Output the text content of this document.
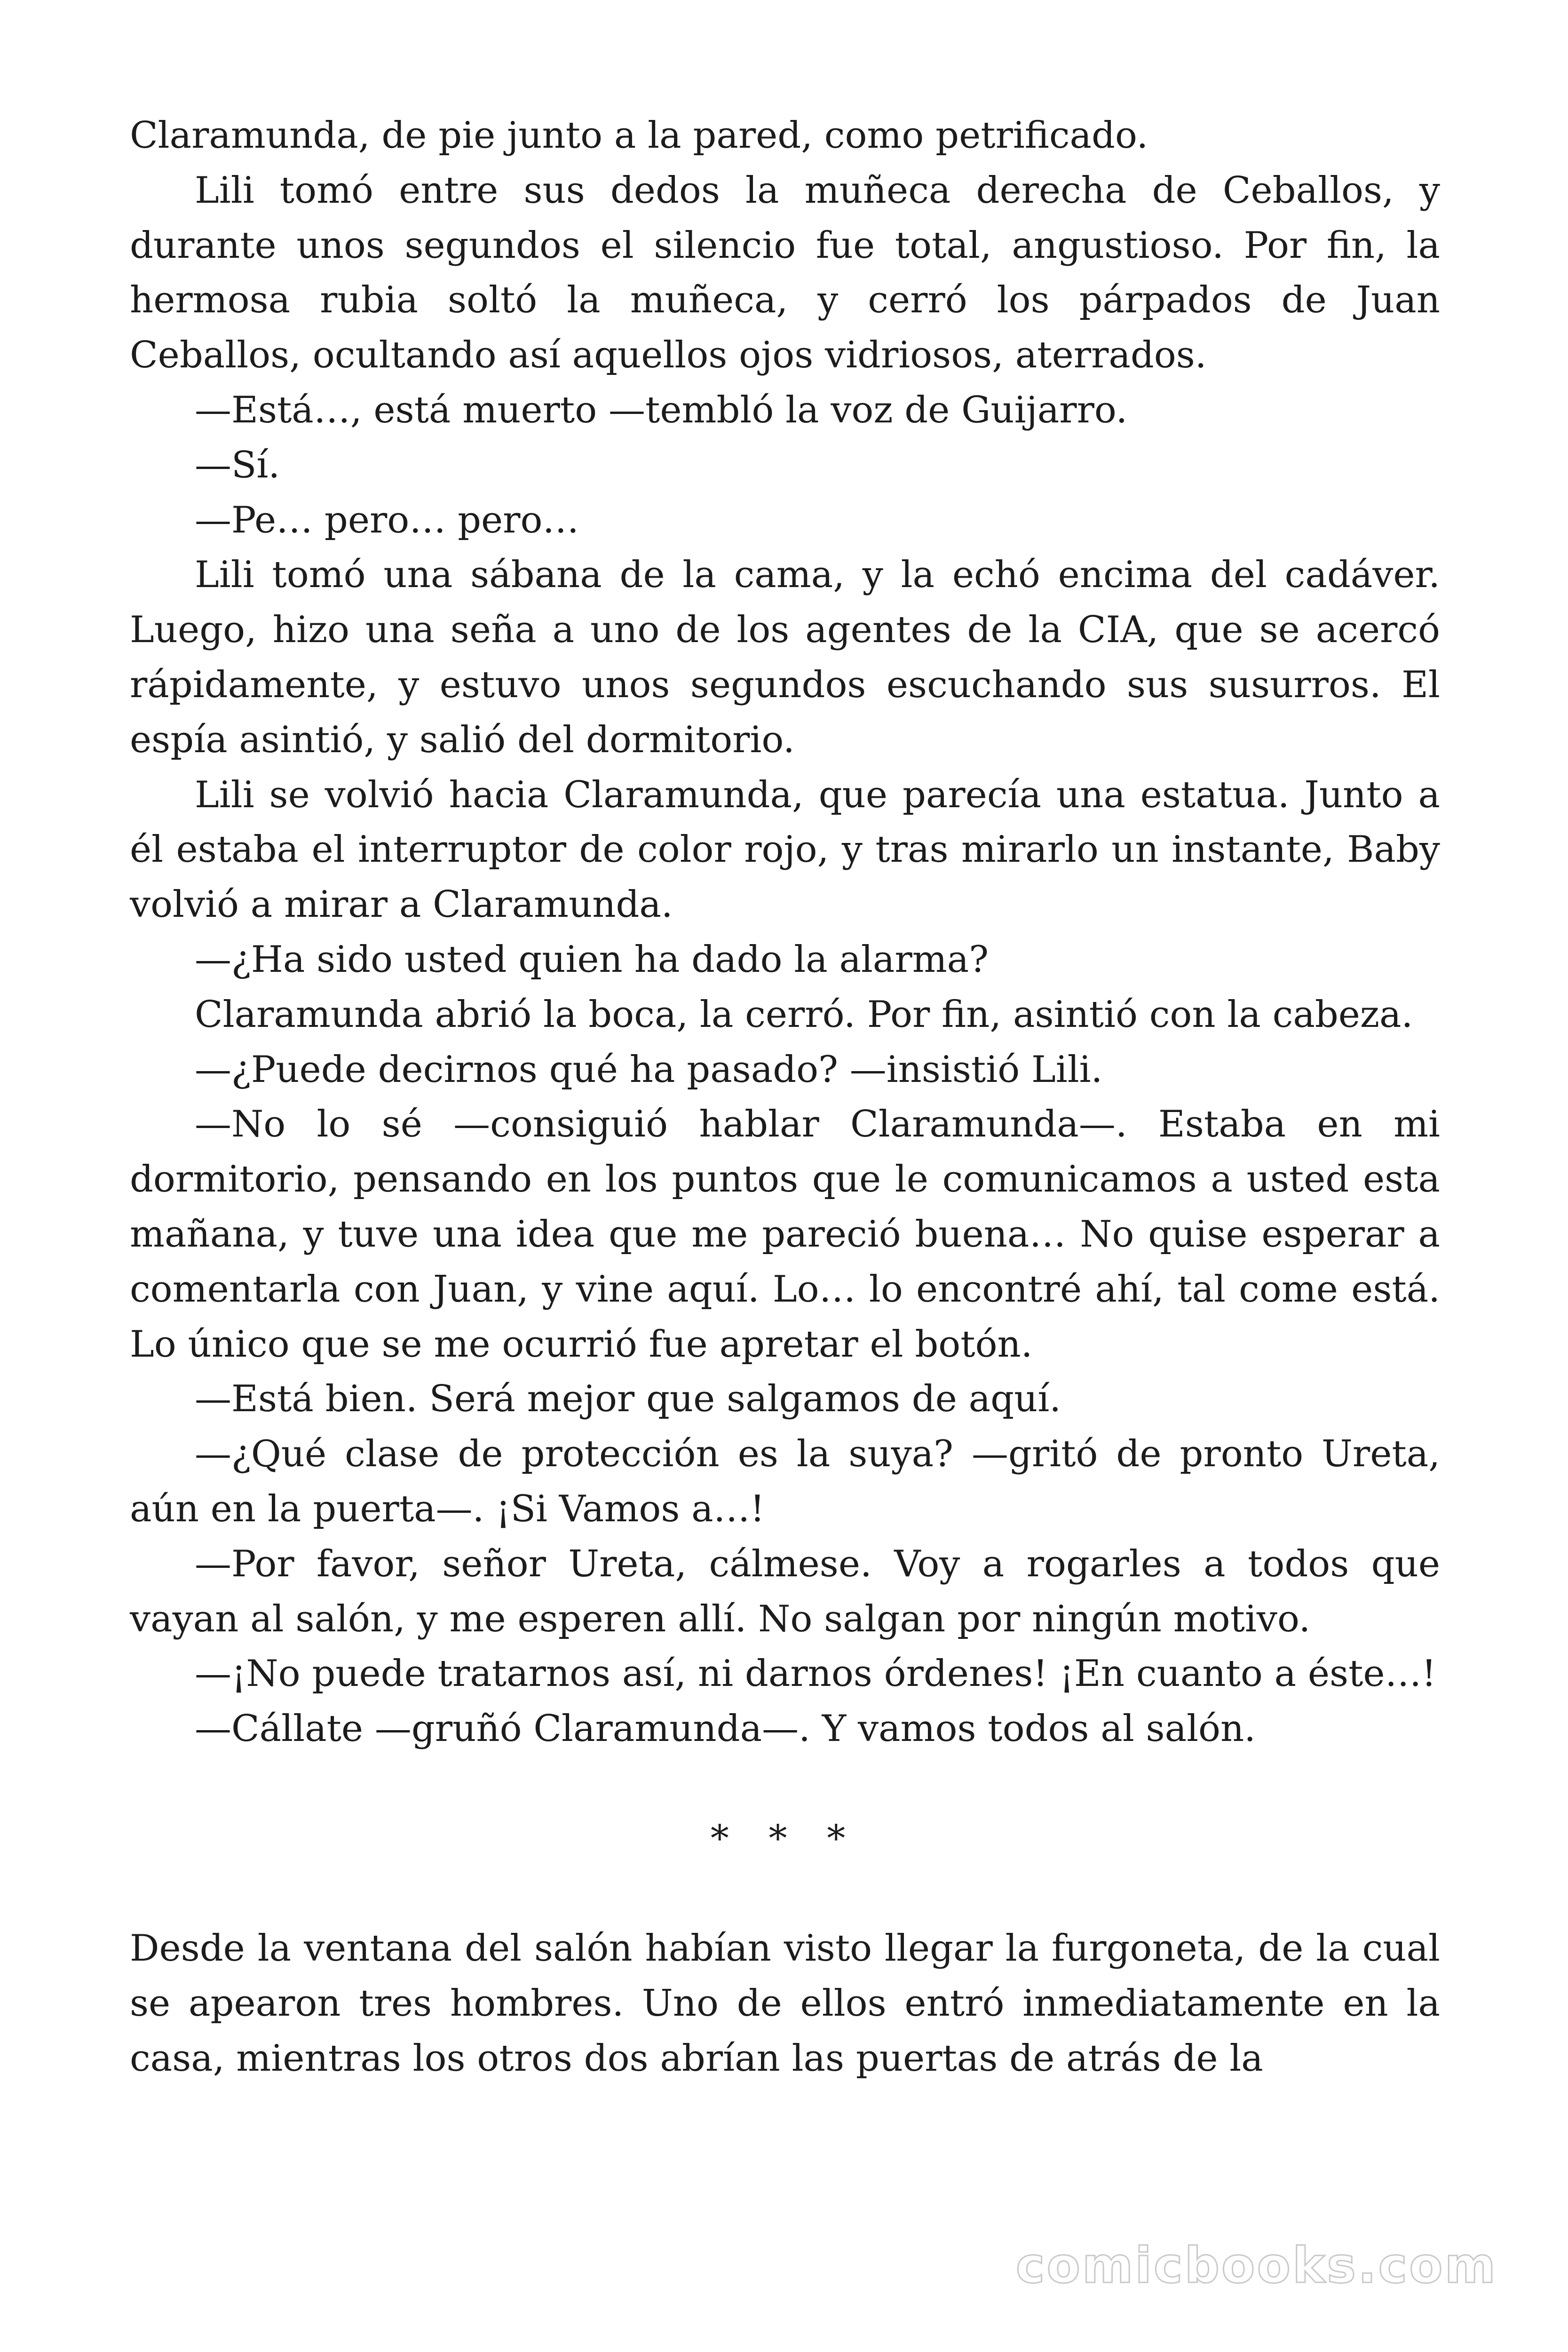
Claramunda, de pie junto a la pared, como petrificado.

Lili tomó entre sus dedos la muñeca derecha de Ceballos, y durante unos segundos el silencio fue total, angustioso. Por fin, la hermosa rubia soltó la muñeca, y cerró los párpados de Juan Ceballos, ocultando así aquellos ojos vidriosos, aterrados.

—Está…, está muerto —tembló la voz de Guijarro.

—Sí.

—Pe… pero… pero…

Lili tomó una sábana de la cama, y la echó encima del cadáver. Luego, hizo una seña a uno de los agentes de la CIA, que se acercó rápidamente, y estuvo unos segundos escuchando sus susurros. El espía asintió, y salió del dormitorio.

Lili se volvió hacia Claramunda, que parecía una estatua. Junto a él estaba el interruptor de color rojo, y tras mirarlo un instante, Baby volvió a mirar a Claramunda.

—¿Ha sido usted quien ha dado la alarma?

Claramunda abrió la boca, la cerró. Por fin, asintió con la cabeza.

—¿Puede decirnos qué ha pasado? —insistió Lili.

—No lo sé —consiguió hablar Claramunda—. Estaba en mi dormitorio, pensando en los puntos que le comunicamos a usted esta mañana, y tuve una idea que me pareció buena… No quise esperar a comentarla con Juan, y vine aquí. Lo… lo encontré ahí, tal come está. Lo único que se me ocurrió fue apretar el botón.

—Está bien. Será mejor que salgamos de aquí.

—¿Qué clase de protección es la suya? —gritó de pronto Ureta, aún en la puerta—. ¡Si Vamos a…!

—Por favor, señor Ureta, cálmese. Voy a rogarles a todos que vayan al salón, y me esperen allí. No salgan por ningún motivo.

—¡No puede tratarnos así, ni darnos órdenes! ¡En cuanto a éste…!

—Cállate —gruñó Claramunda—. Y vamos todos al salón.

* * *

Desde la ventana del salón habían visto llegar la furgoneta, de la cual se apearon tres hombres. Uno de ellos entró inmediatamente en la casa, mientras los otros dos abrían las puertas de atrás de la

comicbooks.com
